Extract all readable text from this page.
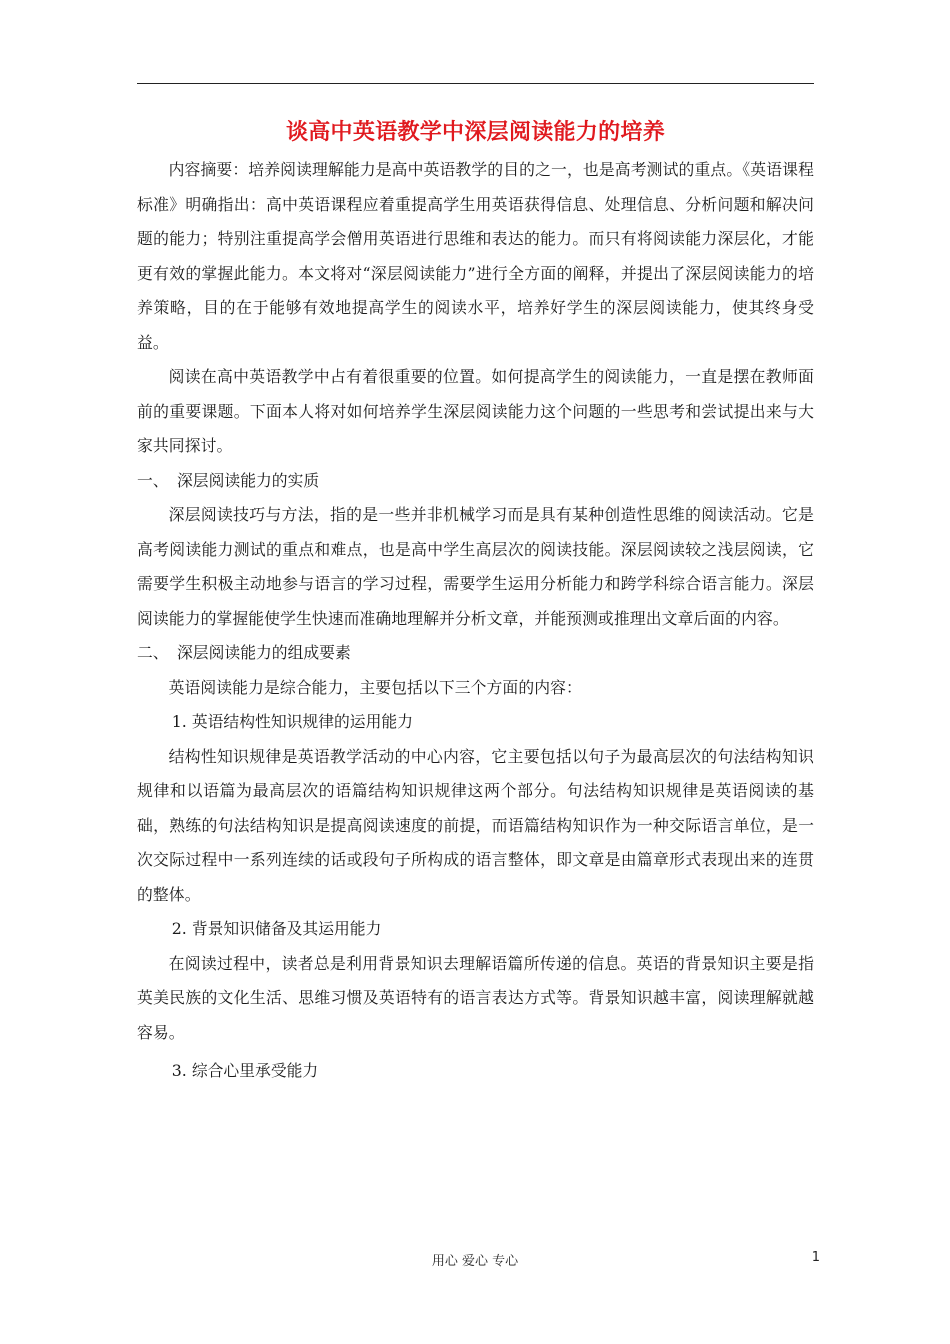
谈高中英语教学中深层阅读能力的培养

内容摘要：培养阅读理解能力是高中英语教学的目的之一，也是高考测试的重点。《英语课程标准》明确指出：高中英语课程应着重提高学生用英语获得信息、处理信息、分析问题和解决问题的能力；特别注重提高学会僧用英语进行思维和表达的能力。而只有将阅读能力深层化，才能更有效的掌握此能力。本文将对“深层阅读能力”进行全方面的阐释，并提出了深层阅读能力的培养策略，目的在于能够有效地提高学生的阅读水平，培养好学生的深层阅读能力，使其终身受益。

阅读在高中英语教学中占有着很重要的位置。如何提高学生的阅读能力，一直是摆在教师面前的重要课题。下面本人将对如何培养学生深层阅读能力这个问题的一些思考和尝试提出来与大家共同探讨。

一、 深层阅读能力的实质

深层阅读技巧与方法，指的是一些并非机械学习而是具有某种创造性思维的阅读活动。它是 高考阅读能力测试的重点和难点，也是高中学生高层次的阅读技能。深层阅读较之浅层阅读，它需要学生积极主动地参与语言的学习过程，需要学生运用分析能力和跨学科综合语言能力。深层阅读能力的掌握能使学生快速而准确地理解并分析文章，并能预测或推理出文章后面的内容。

二、 深层阅读能力的组成要素

英语阅读能力是综合能力，主要包括以下三个方面的内容：

1. 英语结构性知识规律的运用能力

结构性知识规律是英语教学活动的中心内容，它主要包括以句子为最高层次的句法结构知识规律和以语篇为最高层次的语篇结构知识规律这两个部分。句法结构知识规律是英语阅读的基础，熟练的句法结构知识是提高阅读速度的前提，而语篇结构知识作为一种交际语言单位，是一次交际过程中一系列连续的话或段句子所构成的语言整体，即文章是由篇章形式表现出来的连贯的整体。

2. 背景知识储备及其运用能力

在阅读过程中，读者总是利用背景知识去理解语篇所传递的信息。英语的背景知识主要是指英美民族的文化生活、思维习惯及英语特有的语言表达方式等。背景知识越丰富，阅读理解就越容易。

3. 综合心里承受能力

用心 爱心 专心	1
